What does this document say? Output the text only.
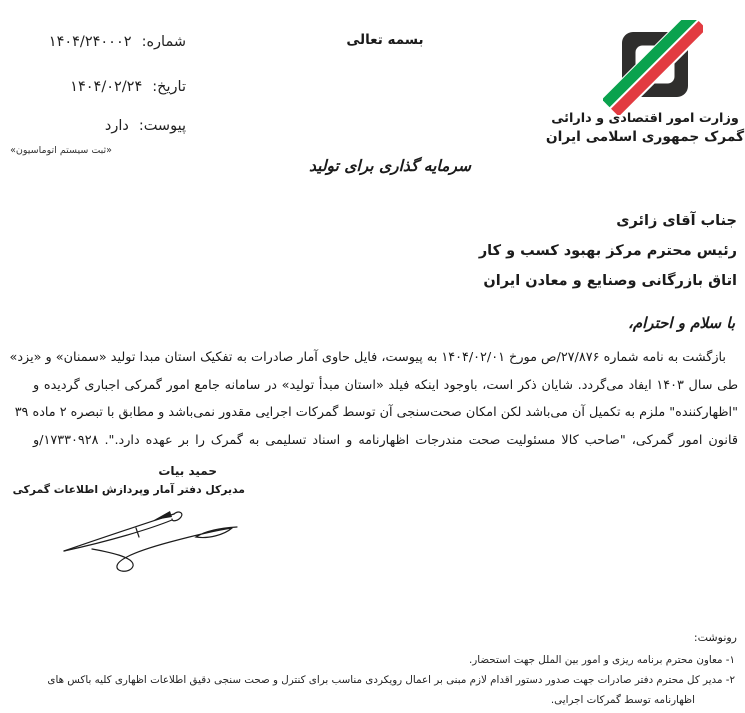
شماره:
۱۴۰۴/۲۴۰۰۰۲
تاریخ:
۱۴۰۴/۰۲/۲۴
پیوست:
دارد
«ثبت سیستم اتوماسیون»
بسمه تعالی
وزارت امور اقتصادی و دارائی
گمرک جمهوری اسلامی ایران
سرمایه گذاری برای تولید
جناب آقای زائری
رئیس محترم مرکز بهبود کسب و کار
اتاق بازرگانی وصنایع و معادن ایران
با سلام و احترام،
بازگشت به نامه شماره ۲۷/۸۷۶/ص مورخ ۱۴۰۴/۰۲/۰۱ به پیوست، فایل حاوی آمار صادرات به تفکیک استان مبدا تولید «سمنان» و «یزد»
طی سال ۱۴۰۳ ایفاد می‌گردد. شایان ذکر است، باوجود اینکه فیلد «استان مبدأ تولید» در سامانه جامع امور گمرکی اجباری گردیده و
"اظهارکننده" ملزم به تکمیل آن می‌باشد لکن امکان صحت‌سنجی آن توسط گمرکات اجرایی مقدور نمی‌باشد و مطابق با تبصره ۲ ماده ۳۹
قانون امور گمرکی، "صاحب کالا مسئولیت صحت مندرجات اظهارنامه و اسناد تسلیمی به گمرک را بر عهده دارد.". ۱۷۳۳۰۹۲۸/و
حمید بیات
مدیرکل دفتر آمار وپردازش اطلاعات گمرکی
رونوشت:
۱- معاون محترم برنامه ریزی و امور بین الملل جهت استحضار.
۲- مدیر کل محترم دفتر صادرات جهت صدور دستور اقدام لازم مبنی بر اعمال رویکردی مناسب برای کنترل و صحت سنجی دقیق اطلاعات اظهاری کلیه باکس های اظهارنامه توسط گمرکات اجرایی.
